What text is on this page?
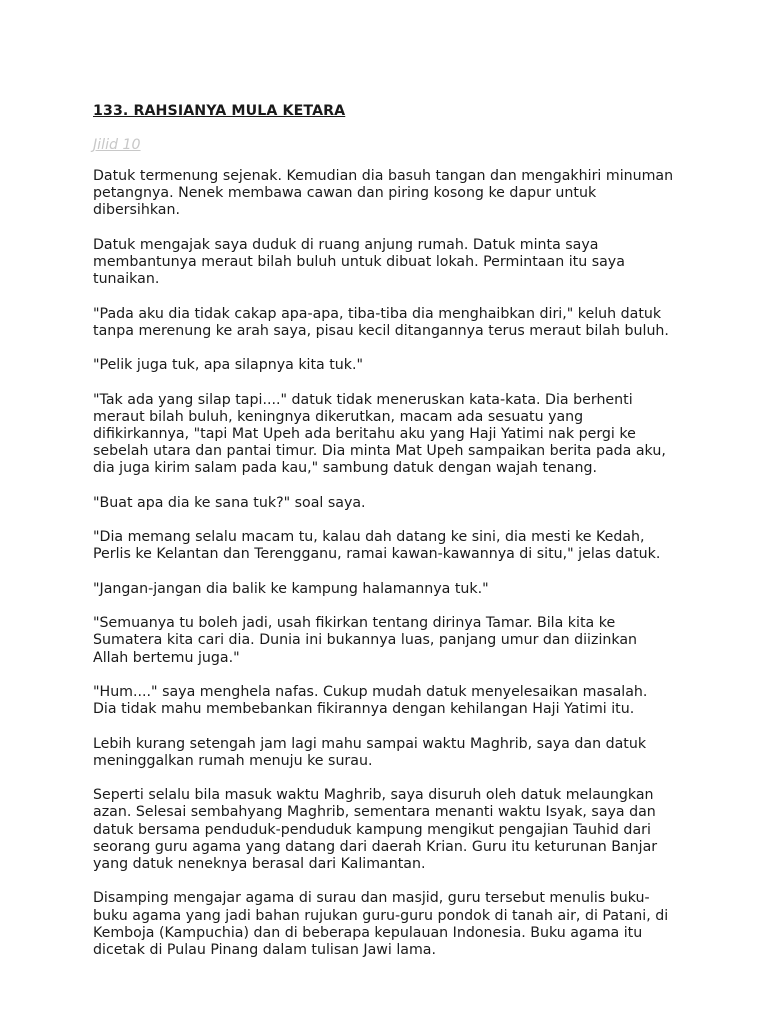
133. RAHSIANYA MULA KETARA
Jilid 10
Datuk termenung sejenak. Kemudian dia basuh tangan dan mengakhiri minuman
petangnya. Nenek membawa cawan dan piring kosong ke dapur untuk
dibersihkan.
Datuk mengajak saya duduk di ruang anjung rumah. Datuk minta saya
membantunya meraut bilah buluh untuk dibuat lokah. Permintaan itu saya
tunaikan.
"Pada aku dia tidak cakap apa-apa, tiba-tiba dia menghaibkan diri," keluh datuk
tanpa merenung ke arah saya, pisau kecil ditangannya terus meraut bilah buluh.
"Pelik juga tuk, apa silapnya kita tuk."
"Tak ada yang silap tapi...." datuk tidak meneruskan kata-kata. Dia berhenti
meraut bilah buluh, keningnya dikerutkan, macam ada sesuatu yang
difikirkannya, "tapi Mat Upeh ada beritahu aku yang Haji Yatimi nak pergi ke
sebelah utara dan pantai timur. Dia minta Mat Upeh sampaikan berita pada aku,
dia juga kirim salam pada kau," sambung datuk dengan wajah tenang.
"Buat apa dia ke sana tuk?" soal saya.
"Dia memang selalu macam tu, kalau dah datang ke sini, dia mesti ke Kedah,
Perlis ke Kelantan dan Terengganu, ramai kawan-kawannya di situ," jelas datuk.
"Jangan-jangan dia balik ke kampung halamannya tuk."
"Semuanya tu boleh jadi, usah fikirkan tentang dirinya Tamar. Bila kita ke
Sumatera kita cari dia. Dunia ini bukannya luas, panjang umur dan diizinkan
Allah bertemu juga."
"Hum...." saya menghela nafas. Cukup mudah datuk menyelesaikan masalah.
Dia tidak mahu membebankan fikirannya dengan kehilangan Haji Yatimi itu.
Lebih kurang setengah jam lagi mahu sampai waktu Maghrib, saya dan datuk
meninggalkan rumah menuju ke surau.
Seperti selalu bila masuk waktu Maghrib, saya disuruh oleh datuk melaungkan
azan. Selesai sembahyang Maghrib, sementara menanti waktu Isyak, saya dan
datuk bersama penduduk-penduduk kampung mengikut pengajian Tauhid dari
seorang guru agama yang datang dari daerah Krian. Guru itu keturunan Banjar
yang datuk neneknya berasal dari Kalimantan.
Disamping mengajar agama di surau dan masjid, guru tersebut menulis buku-
buku agama yang jadi bahan rujukan guru-guru pondok di tanah air, di Patani, di
Kemboja (Kampuchia) dan di beberapa kepulauan Indonesia. Buku agama itu
dicetak di Pulau Pinang dalam tulisan Jawi lama.
